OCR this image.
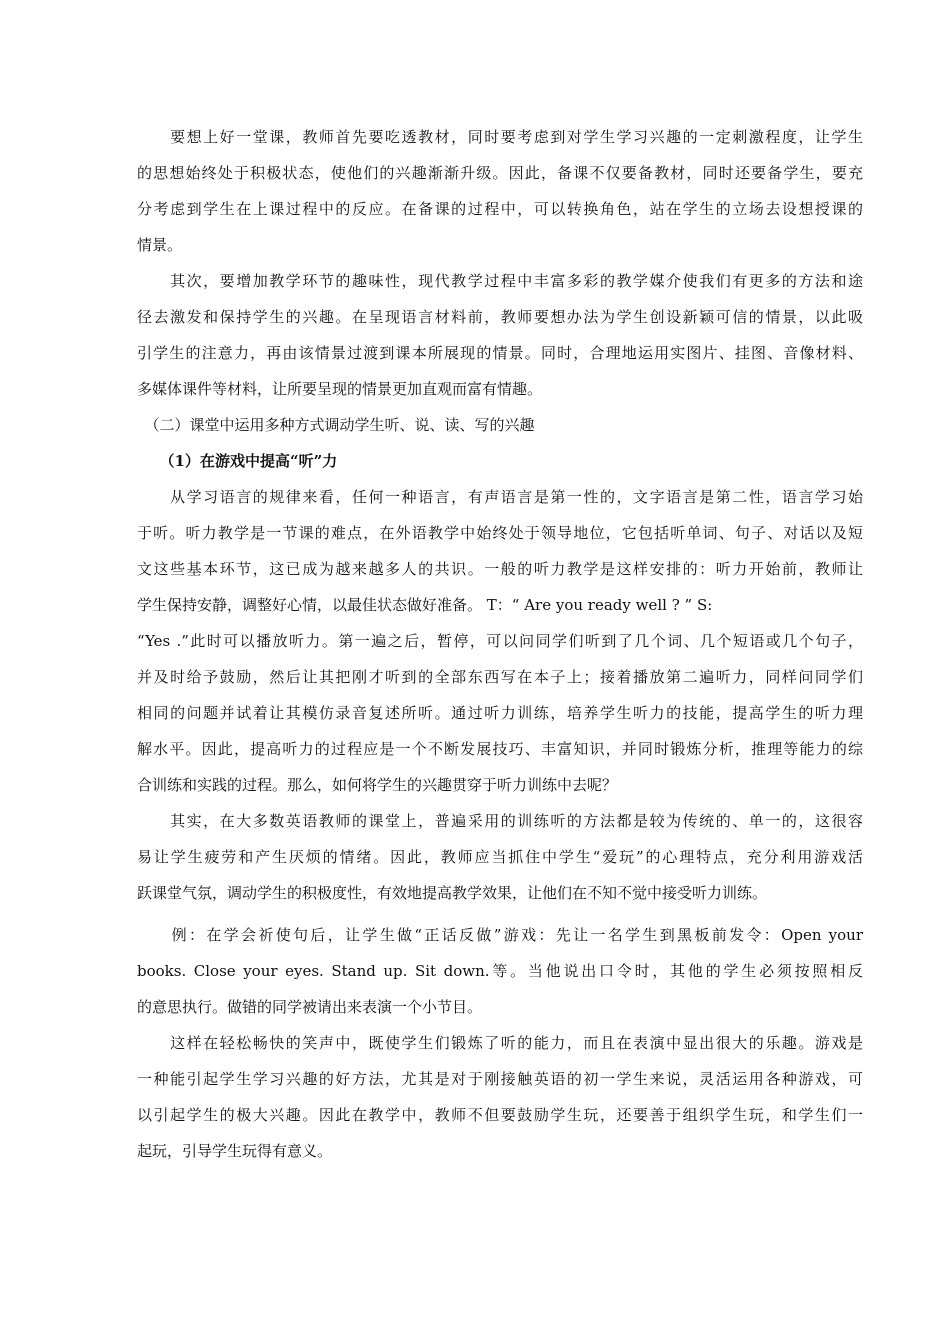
　　要想上好一堂课，教师首先要吃透教材，同时要考虑到对学生学习兴趣的一定刺激程度，让学生
的思想始终处于积极状态，使他们的兴趣渐渐升级。因此，备课不仅要备教材，同时还要备学生，要充
分考虑到学生在上课过程中的反应。在备课的过程中，可以转换角色，站在学生的立场去设想授课的
情景。
　　其次，要增加教学环节的趣味性，现代教学过程中丰富多彩的教学媒介使我们有更多的方法和途
径去激发和保持学生的兴趣。在呈现语言材料前，教师要想办法为学生创设新颖可信的情景，以此吸
引学生的注意力，再由该情景过渡到课本所展现的情景。同时，合理地运用实图片、挂图、音像材料、
多媒体课件等材料，让所要呈现的情景更加直观而富有情趣。
　（二）课堂中运用多种方式调动学生听、说、读、写的兴趣
　　（1）在游戏中提高“听”力
　　从学习语言的规律来看，任何一种语言，有声语言是第一性的，文字语言是第二性，语言学习始
于听。听力教学是一节课的难点，在外语教学中始终处于领导地位，它包括听单词、句子、对话以及短
文这些基本环节，这已成为越来越多人的共识。一般的听力教学是这样安排的：听力开始前，教师让
学生保持安静，调整好心情，以最佳状态做好准备。 T：“ Are you ready well ? ” S:
“Yes .”此时可以播放听力。第一遍之后，暂停，可以问同学们听到了几个词、几个短语或几个句子，
并及时给予鼓励，然后让其把刚才听到的全部东西写在本子上；接着播放第二遍听力，同样问同学们
相同的问题并试着让其模仿录音复述所听。通过听力训练，培养学生听力的技能，提高学生的听力理
解水平。因此，提高听力的过程应是一个不断发展技巧、丰富知识，并同时锻炼分析，推理等能力的综
合训练和实践的过程。那么，如何将学生的兴趣贯穿于听力训练中去呢？
　　其实，在大多数英语教师的课堂上，普遍采用的训练听的方法都是较为传统的、单一的，这很容
易让学生疲劳和产生厌烦的情绪。因此，教师应当抓住中学生“爱玩”的心理特点，充分利用游戏活
跃课堂气氛，调动学生的积极度性，有效地提高教学效果，让他们在不知不觉中接受听力训练。
　　例：在学会祈使句后，让学生做“正话反做”游戏：先让一名学生到黑板前发令：Open your
books. Close your eyes. Stand up. Sit down.等。当他说出口令时，其他的学生必须按照相反
的意思执行。做错的同学被请出来表演一个小节目。
　　这样在轻松畅快的笑声中，既使学生们锻炼了听的能力，而且在表演中显出很大的乐趣。游戏是
一种能引起学生学习兴趣的好方法，尤其是对于刚接触英语的初一学生来说，灵活运用各种游戏，可
以引起学生的极大兴趣。因此在教学中，教师不但要鼓励学生玩，还要善于组织学生玩，和学生们一
起玩，引导学生玩得有意义。
